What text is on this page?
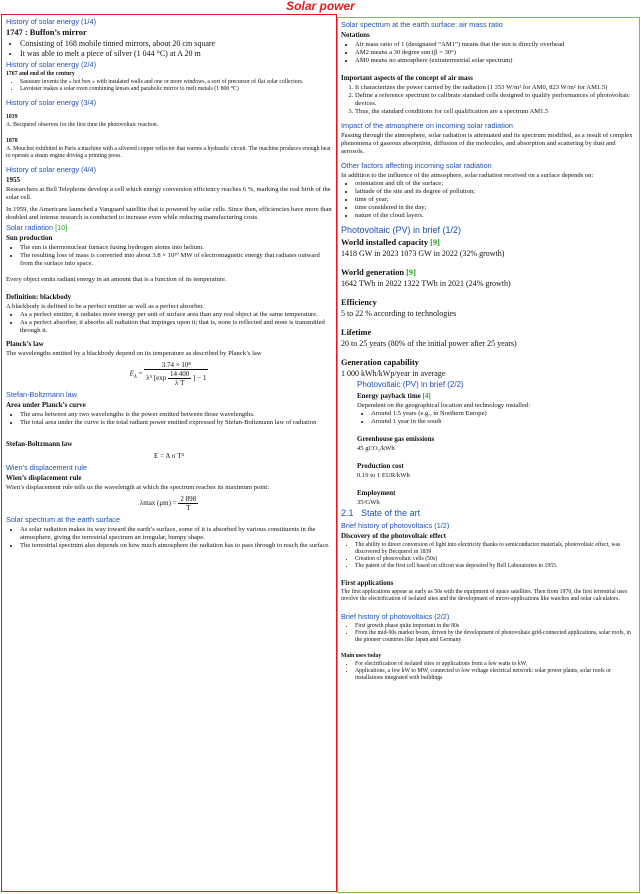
Solar power
History of solar energy (1/4)
1747 : Buffon’s mirror
• Consisting of 168 mobile tinned mirrors, about 20 cm square
• It was able to melt a piece of silver (1 044 °C) at A 20 m
History of solar energy (2/4)
1767 and end of the century
• Saussure invents the « hot box » with insulated walls and one or more windows, a sort of precursor of flat solar collectors.
• Lavoisier makes a solar oven combining lenses and parabolic mirror to melt metals (1 800 °C)
History of solar energy (3/4)
1839

A. Becquerel observes for the first time the photovoltaic reaction.

1878

A. Mouchot exhibited in Paris a machine with a silvered copper reflector that warms a hydraulic circuit. The machine produces enough heat to operate a steam engine driving a printing press.

History of solar energy (4/4)
1955

Researchers at Bell Telephone develop a cell which energy conversion efficiency reaches 6 %, marking the real birth of the solar cell.

In 1959, the Americans launched a Vanguard satellite that is powered by solar cells. Since then, efficiencies have more than doubled and intense research is conducted to increase even while reducing manufacturing costs.

Solar radiation [10]
Sun production
• The sun is thermonuclear furnace fusing hydrogen atoms into helium.
• The resulting loss of mass is converted into about 3.8 × 10²⁰ MW of electromagnetic energy that radiates outward from the surface into space.

Every object emits radiant energy in an amount that is a function of its temperature.

Definition: blackbody

A blackbody is defined to be a perfect emitter as well as a perfect absorber.

• As a perfect emitter, it radiates more energy per unit of surface area than any real object at the same temperature.
• As a perfect absorber, it absorbs all radiation that impinges upon it; that is, none is reflected and none is transmitted through it.
Planck’s law

The wavelengths emitted by a blackbody depend on its temperature as described by Planck’s law

$E_\lambda$ =
3.74 × 10⁸
λ⁵ [$\exp \frac{14 400}{\text{λ T}}$ ] − 1
Stefan-Boltzmann law
Area under Planck’s curve
• The area between any two wavelengths is the power emitted between those wavelengths.
• The total area under the curve is the total radiant power emitted expressed by Stefan-Boltzmann law of radiation
Stefan-Boltzmann law
E = A σ T⁴
Wien’s displacement rule
Wien’s displacement rule

Wien’s displacement rule tells us the wavelength at which the spectrum reaches its maximum point:

λmax $(\mu m) = \frac{2 898}{T}$
Solar spectrum at the earth surface
• As solar radiation makes its way toward the earth’s surface, some of it is absorbed by various constituents in the atmosphere, giving the terrestrial spectrum an irregular, bumpy shape.
• The terrestrial spectrum also depends on how much atmosphere the radiation has to pass through to reach the surface.
Solar spectrum at the earth surface: air mass ratio
Notations
• Air mass ratio of 1 (designated “AM1”) means that the sun is directly overhead
• AM2 means a 30 degree sun (β = 30°)
• AM0 means no atmosphere (extraterrestrial solar spectrum)
Important aspects of the concept of air mass
1. It characterizes the power carried by the radiation (1 353 W/m² for AM0, 823 W/m² for AM1.5)
2. Define a reference spectrum to calibrate standard cells designed to qualify performances of photovoltaic devices.
3. Thus, the standard conditions for cell qualification are a spectrum AM1.5
Impact of the atmosphere on incoming solar radiation

Passing through the atmosphere, solar radiation is attenuated and its spectrum modified, as a result of complex phenomena of gaseous absorption, diffusion of the molecules, and absorption and scattering by dust and aerosols.

Other factors affecting incoming solar radiation

In addition to the influence of the atmosphere, solar radiation received on a surface depends on:

• orientation and tilt of the surface;
• latitude of the site and its degree of pollution;
• time of year;
• time considered in the day;
• nature of the cloud layers.
Photovoltaic (PV) in brief (1/2)
World installed capacity [9]

1418 GW in 2023 1073 GW in 2022 (32% growth)

World generation [9]

1642 TWh in 2022 1322 TWh in 2021 (24% growth)

Efficiency

5 to 22 % according to technologies

Lifetime

20 to 25 years (80% of the initial power after 25 years)

Generation capability

1 000 kWh/kWp/year in average

Photovoltaic (PV) in brief (2/2)
Energy payback time [4]

Dependent on the geographical location and technology installed:

• Around 1.5 years (e.g., in Northern Europe)
• Around 1 year in the south
Greenhouse gas emissions

45 gCO₂/kWh

Production cost

0.19 to 1 EUR/kWh

Employment

35/GWh

2.1 State of the art
Brief history of photovoltaics (1/2)
Discovery of the photovoltaic effect
• The ability to direct conversion of light into electricity thanks to semiconductor materials, photovoltaic effect, was discovered by Becquerel in 1839
• Creation of photovoltaic cells (50s)
• The patent of the first cell based on silicon was deposited by Bell Laboratories in 1955.
First applications

The first applications appear as early as 50s with the equipment of space satellites. Then from 1970, the first terrestrial uses involve the electrification of isolated sites and the development of micro-applications like watches and solar calculators.

Brief history of photovoltaics (2/2)
• First growth phase quite important in the 80s
• From the mid-90s market boom, driven by the development of photovoltaic grid-connected applications, solar roofs, in the pioneer countries like Japan and Germany
Main uses today
• For electrification of isolated sites or applications from a few watts to kW,
• Applications, a few kW to MW, connected to low voltage electrical network: solar power plants, solar roofs or installations integrated with buildings
